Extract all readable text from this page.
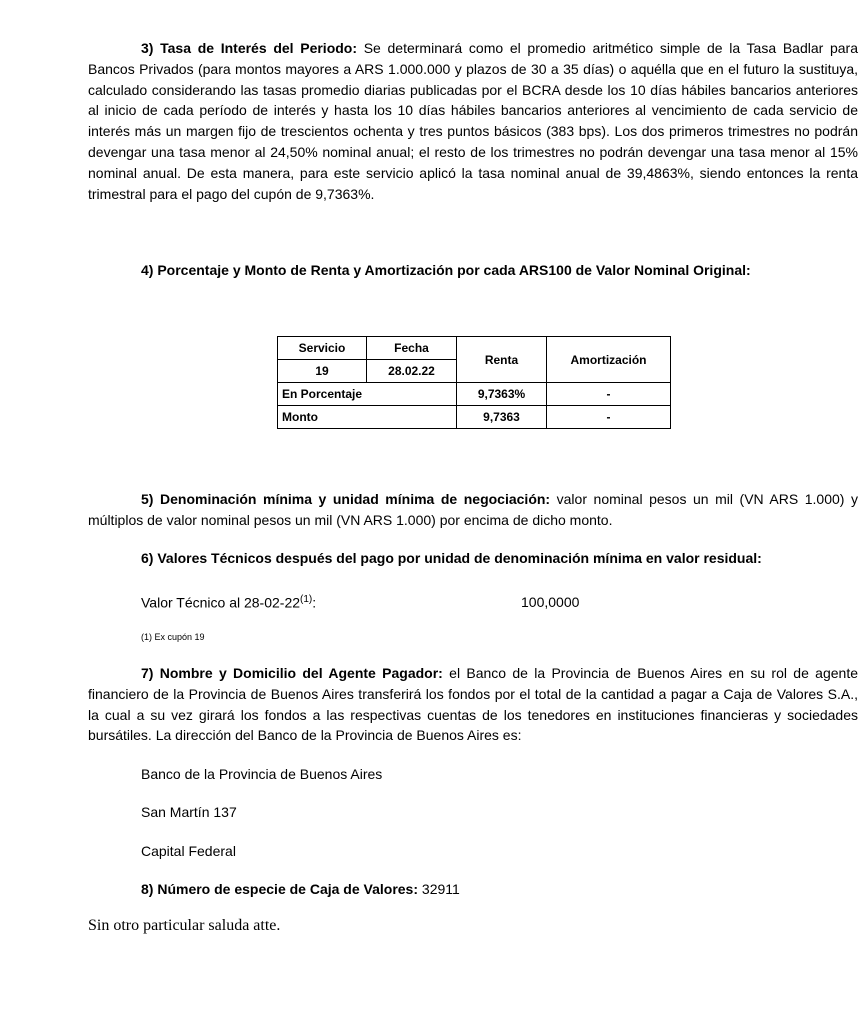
3) Tasa de Interés del Periodo: Se determinará como el promedio aritmético simple de la Tasa Badlar para Bancos Privados (para montos mayores a ARS 1.000.000 y plazos de 30 a 35 días) o aquélla que en el futuro la sustituya, calculado considerando las tasas promedio diarias publicadas por el BCRA desde los 10 días hábiles bancarios anteriores al inicio de cada período de interés y hasta los 10 días hábiles bancarios anteriores al vencimiento de cada servicio de interés más un margen fijo de trescientos ochenta y tres puntos básicos (383 bps). Los dos primeros trimestres no podrán devengar una tasa menor al 24,50% nominal anual; el resto de los trimestres no podrán devengar una tasa menor al 15% nominal anual. De esta manera, para este servicio aplicó la tasa nominal anual de 39,4863%, siendo entonces la renta trimestral para el pago del cupón de 9,7363%.
4) Porcentaje y Monto de Renta y Amortización por cada ARS100 de Valor Nominal Original:
Servicio	Fecha	Renta	Amortización
19	28.02.22		
En Porcentaje		9,7363%	-
Monto		9,7363	-
5) Denominación mínima y unidad mínima de negociación: valor nominal pesos un mil (VN ARS 1.000) y múltiplos de valor nominal pesos un mil (VN ARS 1.000) por encima de dicho monto.
6) Valores Técnicos después del pago por unidad de denominación mínima en valor residual:
Valor Técnico al 28-02-22$^{(1)}$:	100,0000
(1) Ex cupón 19
7) Nombre y Domicilio del Agente Pagador: el Banco de la Provincia de Buenos Aires en su rol de agente financiero de la Provincia de Buenos Aires transferirá los fondos por el total de la cantidad a pagar a Caja de Valores S.A., la cual a su vez girará los fondos a las respectivas cuentas de los tenedores en instituciones financieras y sociedades bursátiles. La dirección del Banco de la Provincia de Buenos Aires es:
Banco de la Provincia de Buenos Aires
San Martín 137
Capital Federal
8) Número de especie de Caja de Valores: 32911
Sin otro particular saluda atte.
